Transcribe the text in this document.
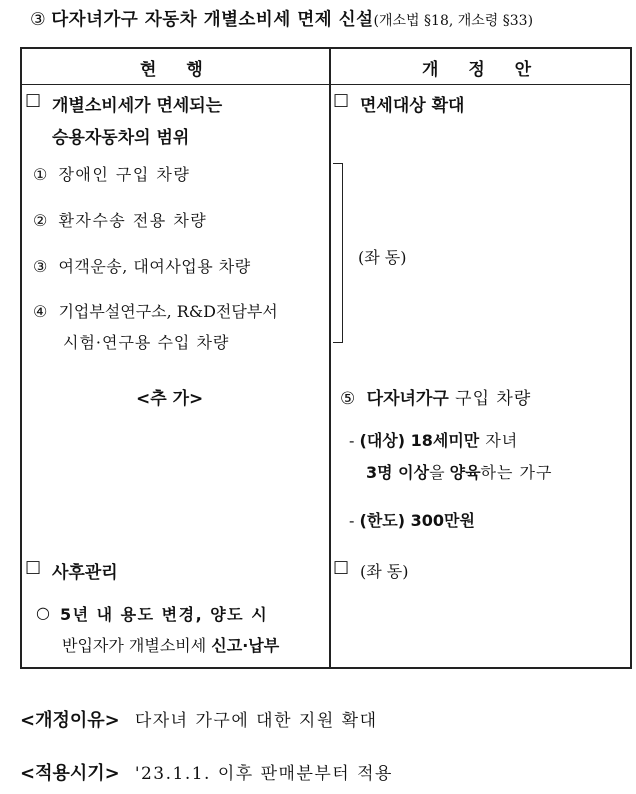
③ 다자녀가구 자동차 개별소비세 면제 신설(개소법 §18, 개소령 §33)
현 행	개 정 안
□ 개별소비세가 면세되는
승용자동차의 범위
① 장애인 구입 차량
② 환자수송 전용 차량
③ 여객운송, 대여사업용 차량
④ 기업부설연구소, R&D전담부서
시험·연구용 수입 차량
<추 가>
□ 사후관리
○ 5년 내 용도 변경, 양도 시
반입자가 개별소비세 신고·납부
□ 면세대상 확대
(좌 동)
⑤ 다자녀가구 구입 차량
- (대상) 18세미만 자녀
3명 이상을 양육하는 가구
- (한도) 300만원
□ (좌 동)
<개정이유> 다자녀 가구에 대한 지원 확대
<적용시기> '23.1.1. 이후 판매분부터 적용
